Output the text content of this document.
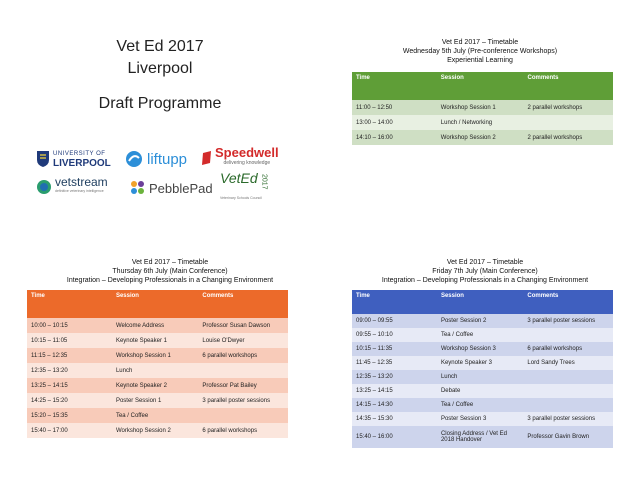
Vet Ed 2017
Liverpool
Draft Programme
UNIVERSITY OF
LIVERPOOL liftupp Speedwell
delivering knowledge
vetstream
definitive veterinary intelligence	PebblePad
VetEd 2017
Veterinary Schools Council
Vet Ed 2017 – Timetable
Wednesday 5th July (Pre-conference Workshops)
Experiential Learning
Vet Ed 2017 – Timetable
Thursday 6th July (Main Conference)
Integration – Developing Professionals in a Changing Environment
Vet Ed 2017 – Timetable
Friday 7th July (Main Conference)
Integration – Developing Professionals in a Changing Environment
Time	Session	Comments
11:00 – 12:50	Workshop Session 1	2 parallel workshops
13:00 – 14:00	Lunch / Networking	
14:10 – 16:00	Workshop Session 2	2 parallel workshops
Time	Session	Comments
10:00 – 10:15	Welcome Address	Professor Susan Dawson
10:15 – 11:05	Keynote Speaker 1	Louise O'Dwyer
11:15 – 12:35	Workshop Session 1	6 parallel workshops
12:35 – 13:20	Lunch	
13:25 – 14:15	Keynote Speaker 2	Professor Pat Bailey
14:25 – 15:20	Poster Session 1	3 parallel poster sessions
15:20 – 15:35	Tea / Coffee	
15:40 – 17:00	Workshop Session 2	6 parallel workshops
Time	Session	Comments
09:00 – 09:55	Poster Session 2	3 parallel poster sessions
09:55 – 10:10	Tea / Coffee	
10:15 – 11:35	Workshop Session 3	6 parallel workshops
11:45 – 12:35	Keynote Speaker 3	Lord Sandy Trees
12:35 – 13:20	Lunch	
13:25 – 14:15	Debate	
14:15 – 14:30	Tea / Coffee	
14:35 – 15:30	Poster Session 3	3 parallel poster sessions
15:40 – 16:00	Closing Address / Vet Ed 2018 Handover	Professor Gavin Brown
